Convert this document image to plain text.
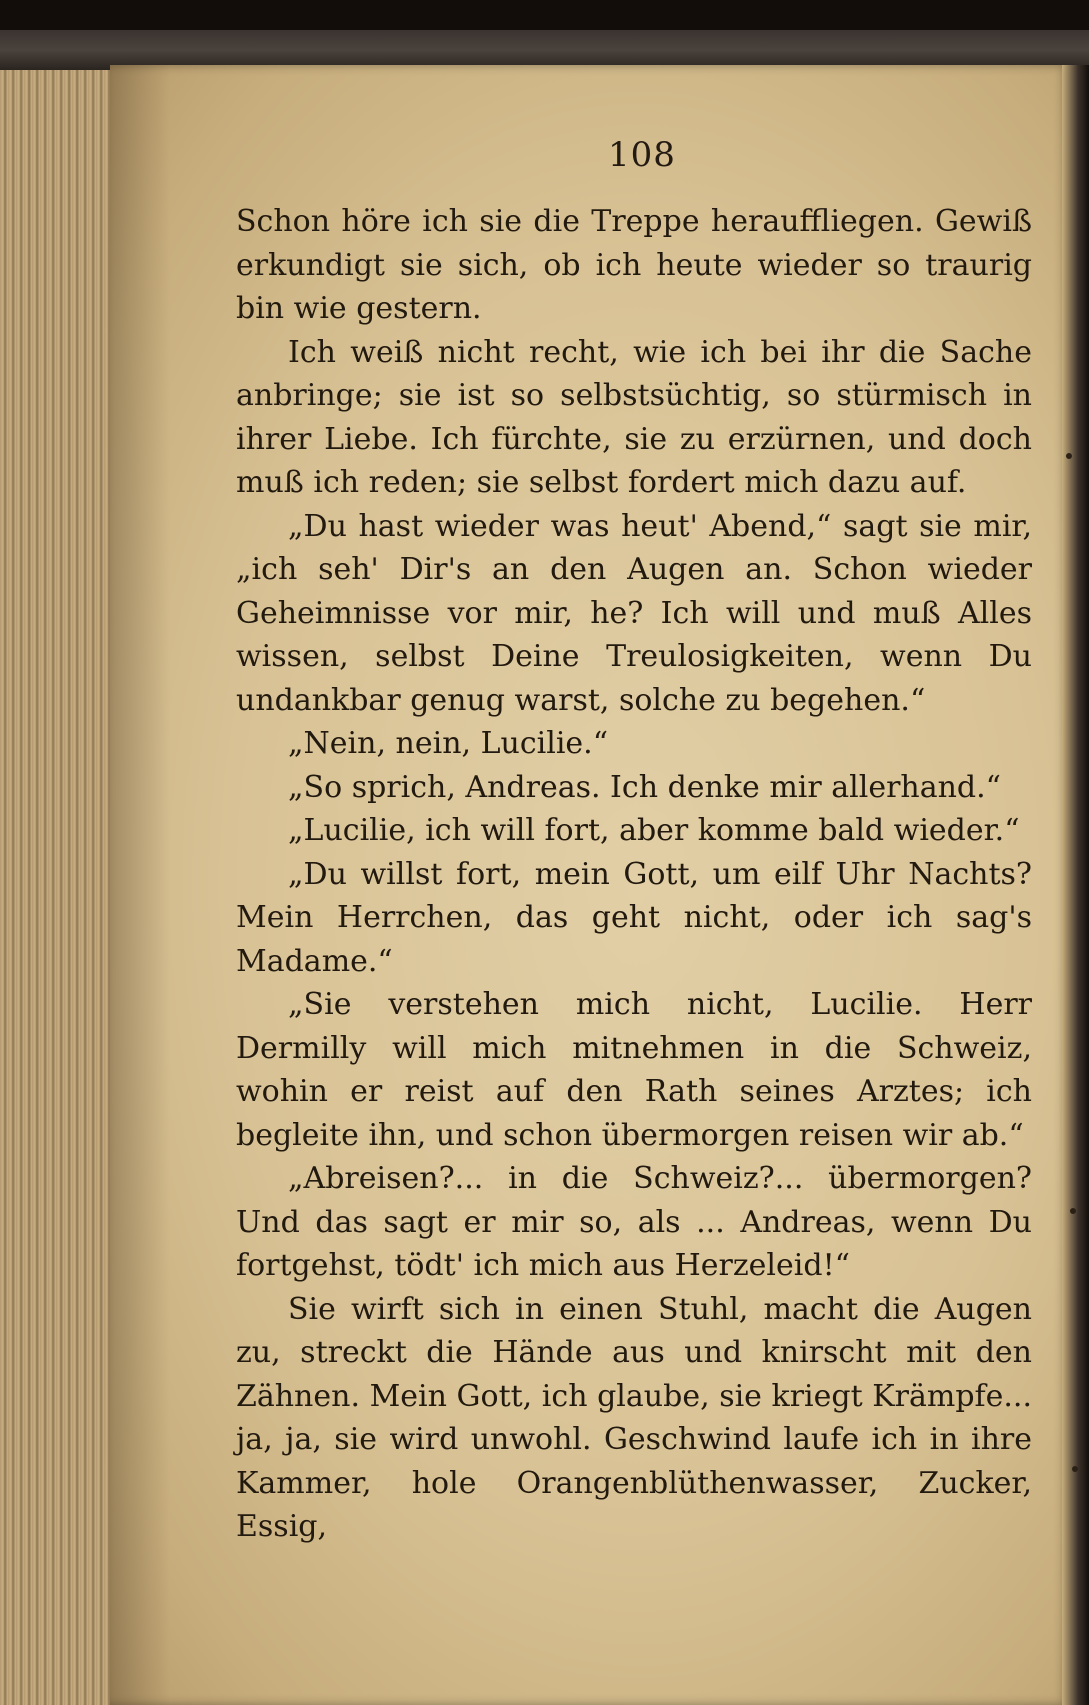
108

Schon höre ich sie die Treppe herauffliegen. Gewiß erkundigt sie sich, ob ich heute wieder so traurig bin wie gestern.

Ich weiß nicht recht, wie ich bei ihr die Sache anbringe; sie ist so selbstsüchtig, so stürmisch in ihrer Liebe. Ich fürchte, sie zu erzürnen, und doch muß ich reden; sie selbst fordert mich dazu auf.

„Du hast wieder was heut' Abend,“ sagt sie mir, „ich seh' Dir's an den Augen an. Schon wieder Geheimnisse vor mir, he? Ich will und muß Alles wissen, selbst Deine Treulosigkeiten, wenn Du undankbar genug warst, solche zu begehen.“

„Nein, nein, Lucilie.“

„So sprich, Andreas. Ich denke mir allerhand.“

„Lucilie, ich will fort, aber komme bald wieder.“

„Du willst fort, mein Gott, um eilf Uhr Nachts? Mein Herrchen, das geht nicht, oder ich sag's Madame.“

„Sie verstehen mich nicht, Lucilie. Herr Dermilly will mich mitnehmen in die Schweiz, wohin er reist auf den Rath seines Arztes; ich begleite ihn, und schon übermorgen reisen wir ab.“

„Abreisen?... in die Schweiz?... übermorgen? Und das sagt er mir so, als ... Andreas, wenn Du fortgehst, tödt' ich mich aus Herzeleid!“

Sie wirft sich in einen Stuhl, macht die Augen zu, streckt die Hände aus und knirscht mit den Zähnen. Mein Gott, ich glaube, sie kriegt Krämpfe... ja, ja, sie wird unwohl. Geschwind laufe ich in ihre Kammer, hole Orangenblüthenwasser, Zucker, Essig,
